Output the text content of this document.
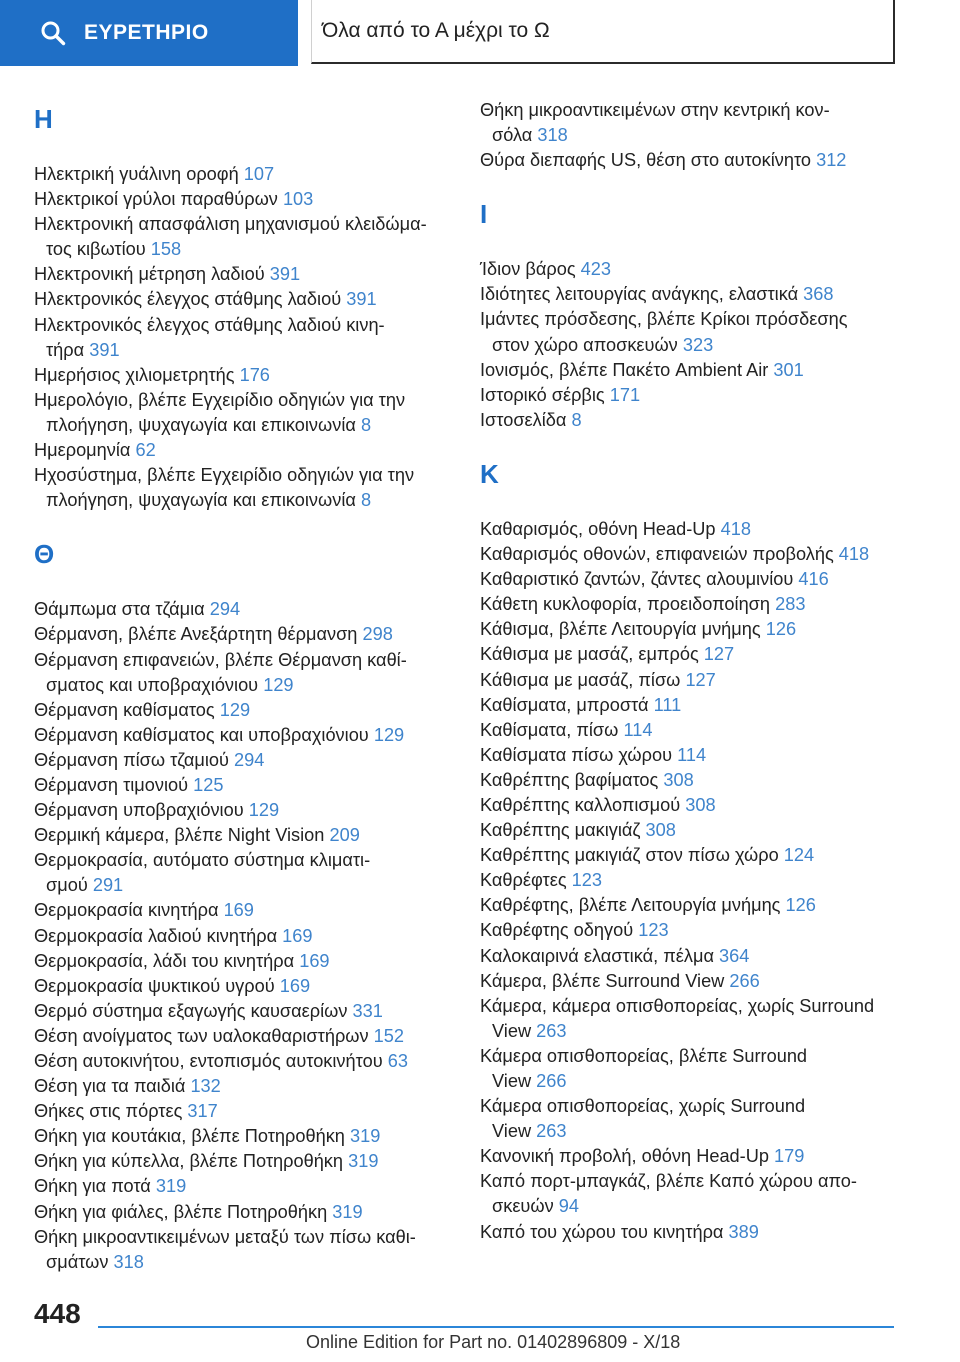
ΕΥΡΕΤΗΡΙΟ	Όλα από το Α μέχρι το Ω
Η
Ηλεκτρική γυάλινη οροφή 107
Ηλεκτρικοί γρύλοι παραθύρων 103
Ηλεκτρονική απασφάλιση μηχανισμού κλειδώμα-
τος κιβωτίου 158
Ηλεκτρονική μέτρηση λαδιού 391
Ηλεκτρονικός έλεγχος στάθμης λαδιού 391
Ηλεκτρονικός έλεγχος στάθμης λαδιού κινη-
τήρα 391
Ημερήσιος χιλιομετρητής 176
Ημερολόγιο, βλέπε Εγχειρίδιο οδηγιών για την
πλοήγηση, ψυχαγωγία και επικοινωνία 8
Ημερομηνία 62
Ηχοσύστημα, βλέπε Εγχειρίδιο οδηγιών για την
πλοήγηση, ψυχαγωγία και επικοινωνία 8
Θ
Θάμπωμα στα τζάμια 294
Θέρμανση, βλέπε Ανεξάρτητη θέρμανση 298
Θέρμανση επιφανειών, βλέπε Θέρμανση καθί-
σματος και υποβραχιόνιου 129
Θέρμανση καθίσματος 129
Θέρμανση καθίσματος και υποβραχιόνιου 129
Θέρμανση πίσω τζαμιού 294
Θέρμανση τιμονιού 125
Θέρμανση υποβραχιόνιου 129
Θερμική κάμερα, βλέπε Night Vision 209
Θερμοκρασία, αυτόματο σύστημα κλιματι-
σμού 291
Θερμοκρασία κινητήρα 169
Θερμοκρασία λαδιού κινητήρα 169
Θερμοκρασία, λάδι του κινητήρα 169
Θερμοκρασία ψυκτικού υγρού 169
Θερμό σύστημα εξαγωγής καυσαερίων 331
Θέση ανοίγματος των υαλοκαθαριστήρων 152
Θέση αυτοκινήτου, εντοπισμός αυτοκινήτου 63
Θέση για τα παιδιά 132
Θήκες στις πόρτες 317
Θήκη για κουτάκια, βλέπε Ποτηροθήκη 319
Θήκη για κύπελλα, βλέπε Ποτηροθήκη 319
Θήκη για ποτά 319
Θήκη για φιάλες, βλέπε Ποτηροθήκη 319
Θήκη μικροαντικειμένων μεταξύ των πίσω καθι-
σμάτων 318
Θήκη μικροαντικειμένων στην κεντρική κον-
σόλα 318
Θύρα διεπαφής US, θέση στο αυτοκίνητο 312
Ι
Ίδιον βάρος 423
Ιδιότητες λειτουργίας ανάγκης, ελαστικά 368
Ιμάντες πρόσδεσης, βλέπε Κρίκοι πρόσδεσης
στον χώρο αποσκευών 323
Ιονισμός, βλέπε Πακέτο Ambient Air 301
Ιστορικό σέρβις 171
Ιστοσελίδα 8
Κ
Καθαρισμός, οθόνη Head-Up 418
Καθαρισμός οθονών, επιφανειών προβολής 418
Καθαριστικό ζαντών, ζάντες αλουμινίου 416
Κάθετη κυκλοφορία, προειδοποίηση 283
Κάθισμα, βλέπε Λειτουργία μνήμης 126
Κάθισμα με μασάζ, εμπρός 127
Κάθισμα με μασάζ, πίσω 127
Καθίσματα, μπροστά 111
Καθίσματα, πίσω 114
Καθίσματα πίσω χώρου 114
Καθρέπτης βαφίματος 308
Καθρέπτης καλλοπισμού 308
Καθρέπτης μακιγιάζ 308
Καθρέπτης μακιγιάζ στον πίσω χώρο 124
Καθρέφτες 123
Καθρέφτης, βλέπε Λειτουργία μνήμης 126
Καθρέφτης οδηγού 123
Καλοκαιρινά ελαστικά, πέλμα 364
Κάμερα, βλέπε Surround View 266
Κάμερα, κάμερα οπισθοπορείας, χωρίς Surround
View 263
Κάμερα οπισθοπορείας, βλέπε Surround
View 266
Κάμερα οπισθοπορείας, χωρίς Surround
View 263
Κανονική προβολή, οθόνη Head-Up 179
Καπό πορτ-μπαγκάζ, βλέπε Καπό χώρου απο-
σκευών 94
Καπό του χώρου του κινητήρα 389
448
Online Edition for Part no. 01402896809 - X/18
